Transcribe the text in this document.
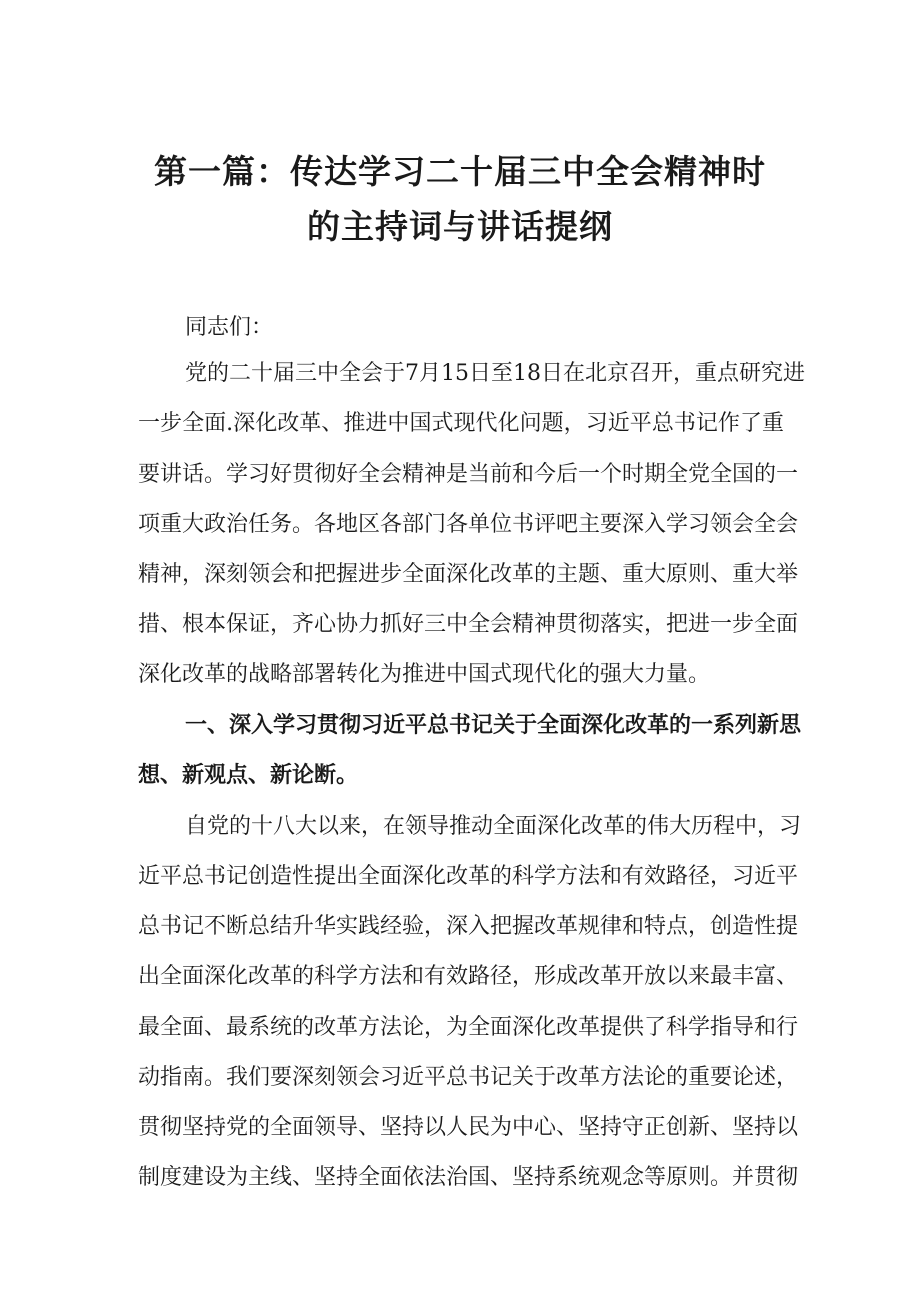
第一篇：传达学习二十届三中全会精神时
的主持词与讲话提纲
同志们：
党的二十届三中全会于7月15日至18日在北京召开，重点研究进
一步全面.深化改革、推进中国式现代化问题，习近平总书记作了重
要讲话。学习好贯彻好全会精神是当前和今后一个时期全党全国的一
项重大政治任务。各地区各部门各单位书评吧主要深入学习领会全会
精神，深刻领会和把握进步全面深化改革的主题、重大原则、重大举
措、根本保证，齐心协力抓好三中全会精神贯彻落实，把进一步全面
深化改革的战略部署转化为推进中国式现代化的强大力量。
一、深入学习贯彻习近平总书记关于全面深化改革的一系列新思
想、新观点、新论断。
自党的十八大以来，在领导推动全面深化改革的伟大历程中，习
近平总书记创造性提出全面深化改革的科学方法和有效路径，习近平
总书记不断总结升华实践经验，深入把握改革规律和特点，创造性提
出全面深化改革的科学方法和有效路径，形成改革开放以来最丰富、
最全面、最系统的改革方法论，为全面深化改革提供了科学指导和行
动指南。我们要深刻领会习近平总书记关于改革方法论的重要论述，
贯彻坚持党的全面领导、坚持以人民为中心、坚持守正创新、坚持以
制度建设为主线、坚持全面依法治国、坚持系统观念等原则。并贯彻
